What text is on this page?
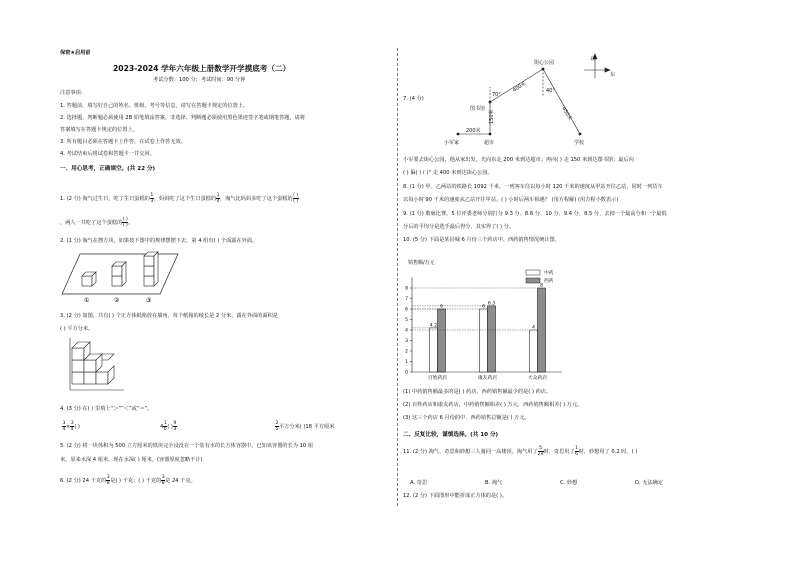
保密★启用前
2023-2024 学年六年级上册数学开学摸底考（二）
考试分数：100 分；考试时间：90 分钟
注意事项：
1. 答题前，填写好自己的姓名、班级、考号等信息，请写在答题卡规定的位置上。
2. 选择题、判断题必须使用 2B 铅笔填涂答案，非选择、判断题必须使用黑色墨迹签字笔或钢笔答题，请将
答案填写在答题卡规定的位置上。
3. 所有题目必须在答题卡上作答，在试卷上作答无效。
4. 考试结束后将试卷和答题卡一并交回。
一、用心思考，正确填空。(共 22 分)
1. (2 分) 淘气过生日，吃了生日蛋糕的 $\frac{1}{3}$ ，妈妈吃了这个生日蛋糕的 $\frac{1}{4}$ ，淘气比妈妈多吃了这个蛋糕的 $\frac{( )}{( )}$
，两人一共吃了这个蛋糕的 $\frac{( )}{( )}$ 。
2. (1 分) 淘气在摆方块，如果按下图中的规律摆摆下去，第 4 组有( ) 个面露在外面。
①	②	③
3. (2 分) 如图，共有( ) 个正方体纸箱放在墙角，每个纸箱的棱长是 2 分米，露在外面的面积是
( ) 平方分米。
4. (3 分) 在( ) 里填上“＞”“＜”或“＝”。
$\frac{3}{4} \times \frac{3}{4}$ ( )	$4 \frac{1}{6}$ ( ) $\frac{9}{3}$	$\frac{2}{5}$ 平方分米( )18 平方厘米
5. (2 分) 将一块体积为 500 立方厘米的铁块完全浸没在一个装有水的长方体容器中，已知该容器的长为 10 厘
米，原来水深 4 厘米，现在水深( ) 厘米。(容器厚度忽略不计)
6. (2 分) 24 千克的 $\frac{3}{8}$ 是( ) 千克；( ) 千克的 $\frac{3}{8}$ 是 24 千克。
7. (4 分)
北
东
街心公园
图书馆
小军家	超市	学校
400米
450米
150米
200米
70°
40°
小军要去街心公园，他从家出发，先向东走 200 米到达超市；再向( ) 走 150 米到达图书馆；最后向
( ) 偏( ) ( )° 走 400 米到达街心公园。
8. (1 分) 甲、乙两站的铁路长 1092 千米，一列客车往以每小时 120 千米的速度从甲站开往乙站，同时一列货车
以每小时 90 千米的速度从乙站开往甲站。( ) 小时后两车相遇？ (用方程解) (用方程小数表示)
9. (1 分) 歌咏比赛，5 位评委老师分别打分 9.3 分、8.6 分、10 分、9.4 分、8.5 分，去掉一个最高分和一个最低
分后的平均分是选手最后得分，其实得了( ) 分。
10. (5 分) 下面是某县城 6 月份三个药店中、西药销售情况统计图。
销售额/万元
0
1
2
3
4
5
6
7
8
4.2
6
百姓药店
6
6.3
康友药店
4
8
大众药店
中药
西药
(1) 中药销售额最多的是( ) 药店，西药销售额最少的是( ) 药店。
(2) 百姓药店和康友药店，中药销售额相差( ) 万元，西药销售额相差( ) 万元。
(3) 这三个药店 6 月份的中、西药销售总额是( ) 万元。
二、反复比较，谨慎选择。(共 10 分)
11. (2 分) 淘气、奇思和妙想三人骑同一高楼顶，淘气用了 $\frac{5}{24}$ 时，奇思用了 $\frac{1}{6}$ 时，妙想用了 0.2 时。( )
A. 奇思	B. 淘气	C. 妙想	D. 无法确定
12. (2 分) 下面图形中能折成正方体的是( )。
